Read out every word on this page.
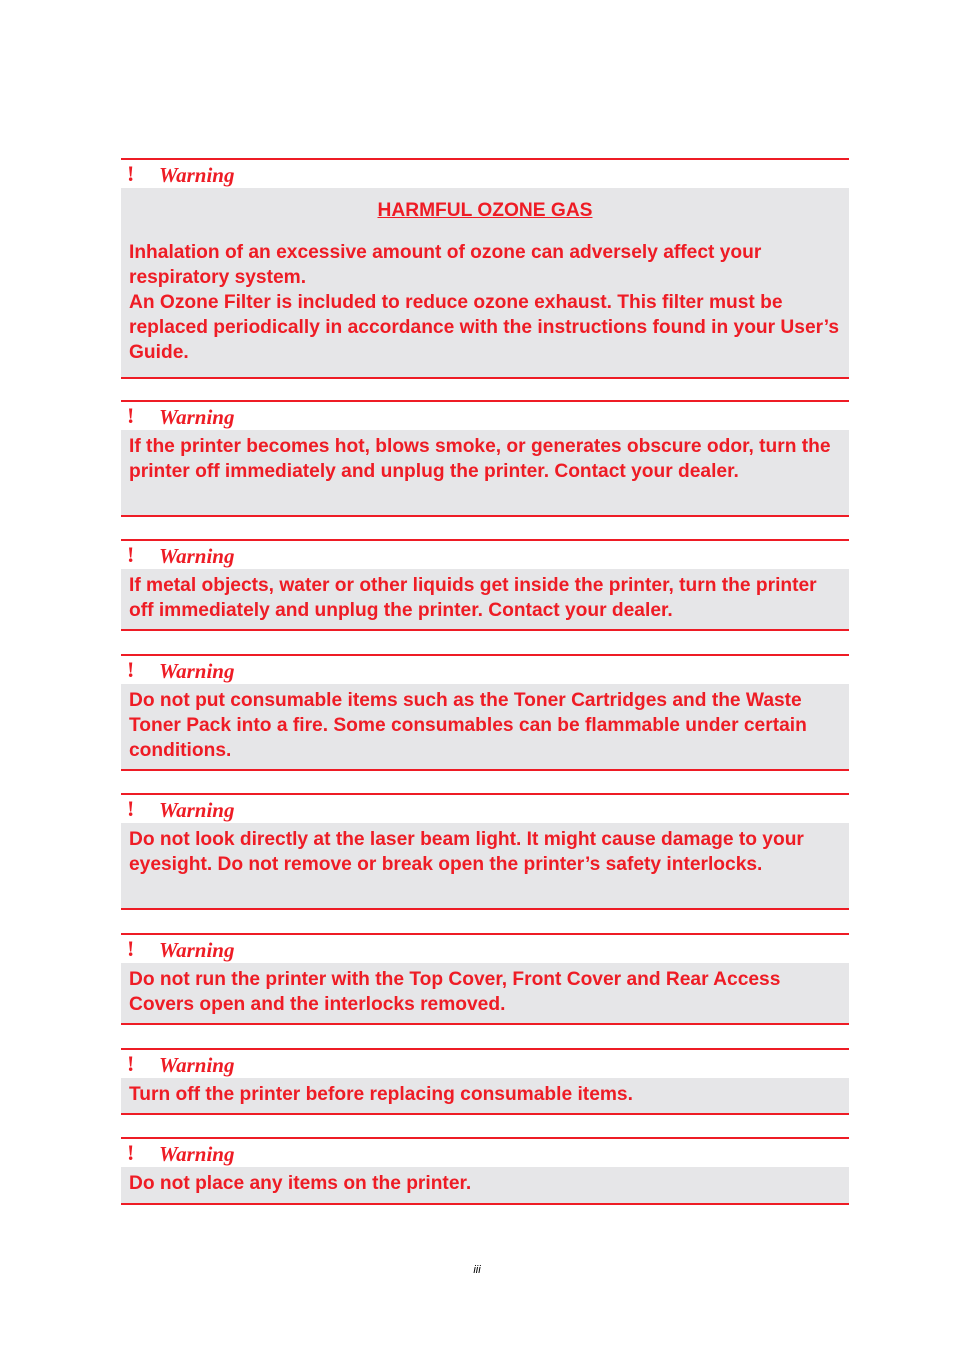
! Warning

HARMFUL OZONE GAS

Inhalation of an excessive amount of ozone can adversely affect your respiratory system.

An Ozone Filter is included to reduce ozone exhaust. This filter must be replaced periodically in accordance with the instructions found in your User’s Guide.

! Warning

If the printer becomes hot, blows smoke, or generates obscure odor, turn the printer off immediately and unplug the printer. Contact your dealer.

! Warning

If metal objects, water or other liquids get inside the printer, turn the printer off immediately and unplug the printer. Contact your dealer.

! Warning

Do not put consumable items such as the Toner Cartridges and the Waste Toner Pack into a fire. Some consumables can be flammable under certain conditions.

! Warning

Do not look directly at the laser beam light. It might cause damage to your eyesight. Do not remove or break open the printer’s safety interlocks.

! Warning

Do not run the printer with the Top Cover, Front Cover and Rear Access Covers open and the interlocks removed.

! Warning

Turn off the printer before replacing consumable items.

! Warning

Do not place any items on the printer.

iii
